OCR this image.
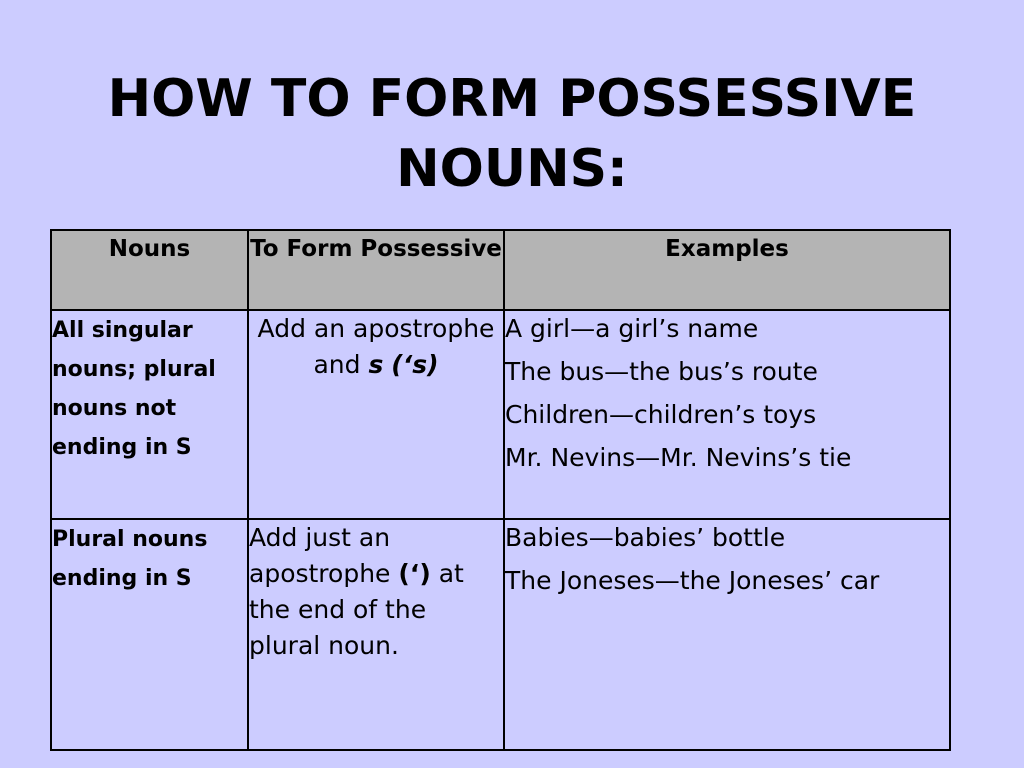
HOW TO FORM POSSESSIVE
NOUNS:
Nouns	To Form Possessive	Examples
All singular nouns; plural nouns not ending in S	Add an apostrophe and s (‘s)	A girl—a girl’s name

The bus—the bus’s route

Children—children’s toys

Mr. Nevins—Mr. Nevins’s tie

Plural nouns ending in S	Add just an apostrophe (‘) at the end of the plural noun.	Babies—babies’ bottle

The Joneses—the Joneses’ car
